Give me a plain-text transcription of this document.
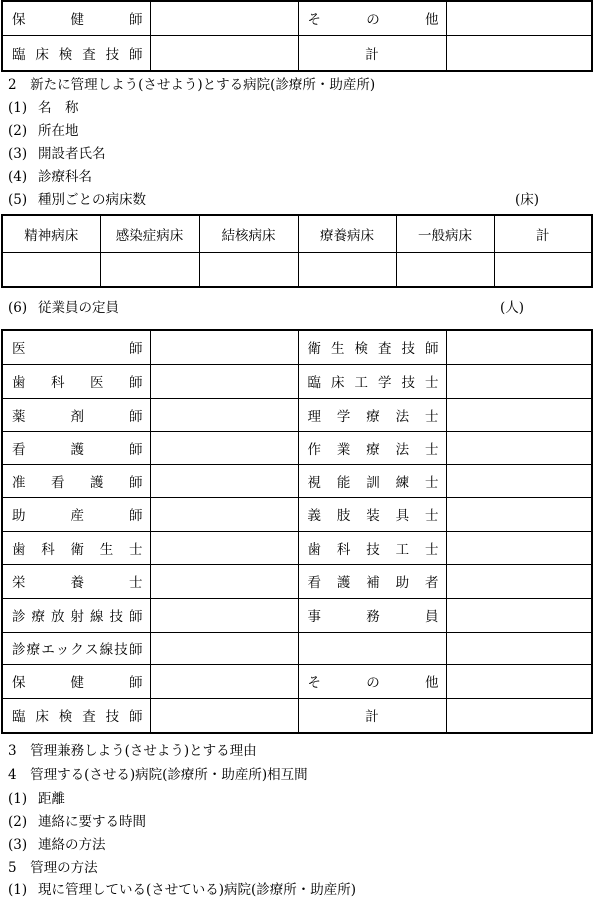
保健師		その他	
臨床検査技師		計	
2　新たに管理しよう(させよう)とする病院(診療所・助産所)
(1) 名　称
(2) 所在地
(3) 開設者氏名
(4) 診療科名
(5) 種別ごとの病床数	(床)
精神病床	感染症病床	結核病床	療養病床	一般病床	計

(6) 従業員の定員	(人)
医師		衛生検査技師	
歯科医師		臨床工学技士	
薬剤師		理学療法士	
看護師		作業療法士	
准看護師		視能訓練士	
助産師		義肢装具士	
歯科衛生士		歯科技工士	
栄養士		看護補助者	
診療放射線技師		事務員	
診療エックス線技師			
保健師		その他	
臨床検査技師		計	
3　管理兼務しよう(させよう)とする理由
4　管理する(させる)病院(診療所・助産所)相互間
(1) 距離
(2) 連絡に要する時間
(3) 連絡の方法
5　管理の方法
(1) 現に管理している(させている)病院(診療所・助産所)
